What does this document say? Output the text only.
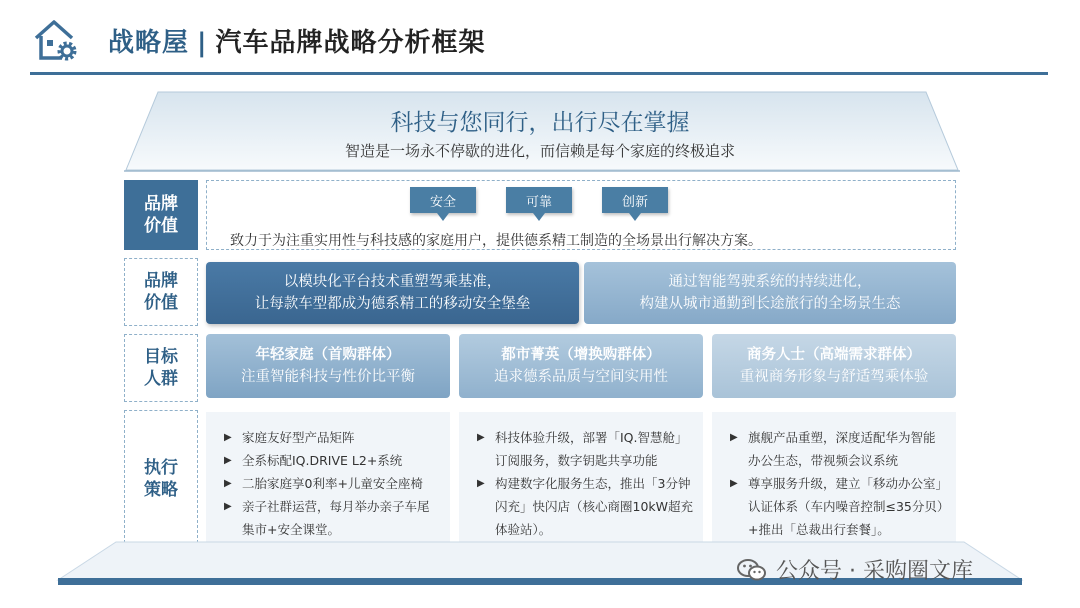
战略屋 | 汽车品牌战略分析框架
科技与您同行，出行尽在掌握
智造是一场永不停歇的进化，而信赖是每个家庭的终极追求
品牌
价值
安全	可靠	创新
致力于为注重实用性与科技感的家庭用户，提供德系精工制造的全场景出行解决方案。
品牌
价值
以模块化平台技术重塑驾乘基准，
让每款车型都成为德系精工的移动安全堡垒
通过智能驾驶系统的持续进化，
构建从城市通勤到长途旅行的全场景生态
目标
人群
年轻家庭（首购群体）
注重智能科技与性价比平衡
都市菁英（增换购群体）
追求德系品质与空间实用性
商务人士（高端需求群体）
重视商务形象与舒适驾乘体验
执行
策略
▶ 家庭友好型产品矩阵
▶ 全系标配IQ.DRIVE L2+系统
▶ 二胎家庭享0利率+儿童安全座椅
▶ 亲子社群运营，每月举办亲子车尾集市+安全课堂。
▶ 科技体验升级，部署「IQ.智慧舱」订阅服务，数字钥匙共享功能
▶ 构建数字化服务生态，推出「3分钟闪充」快闪店（核心商圈10kW超充体验站）。
▶ 旗舰产品重塑，深度适配华为智能办公生态，带视频会议系统
▶ 尊享服务升级，建立「移动办公室」认证体系（车内噪音控制≤35分贝）+推出「总裁出行套餐」。
公众号 · 采购圈文库
